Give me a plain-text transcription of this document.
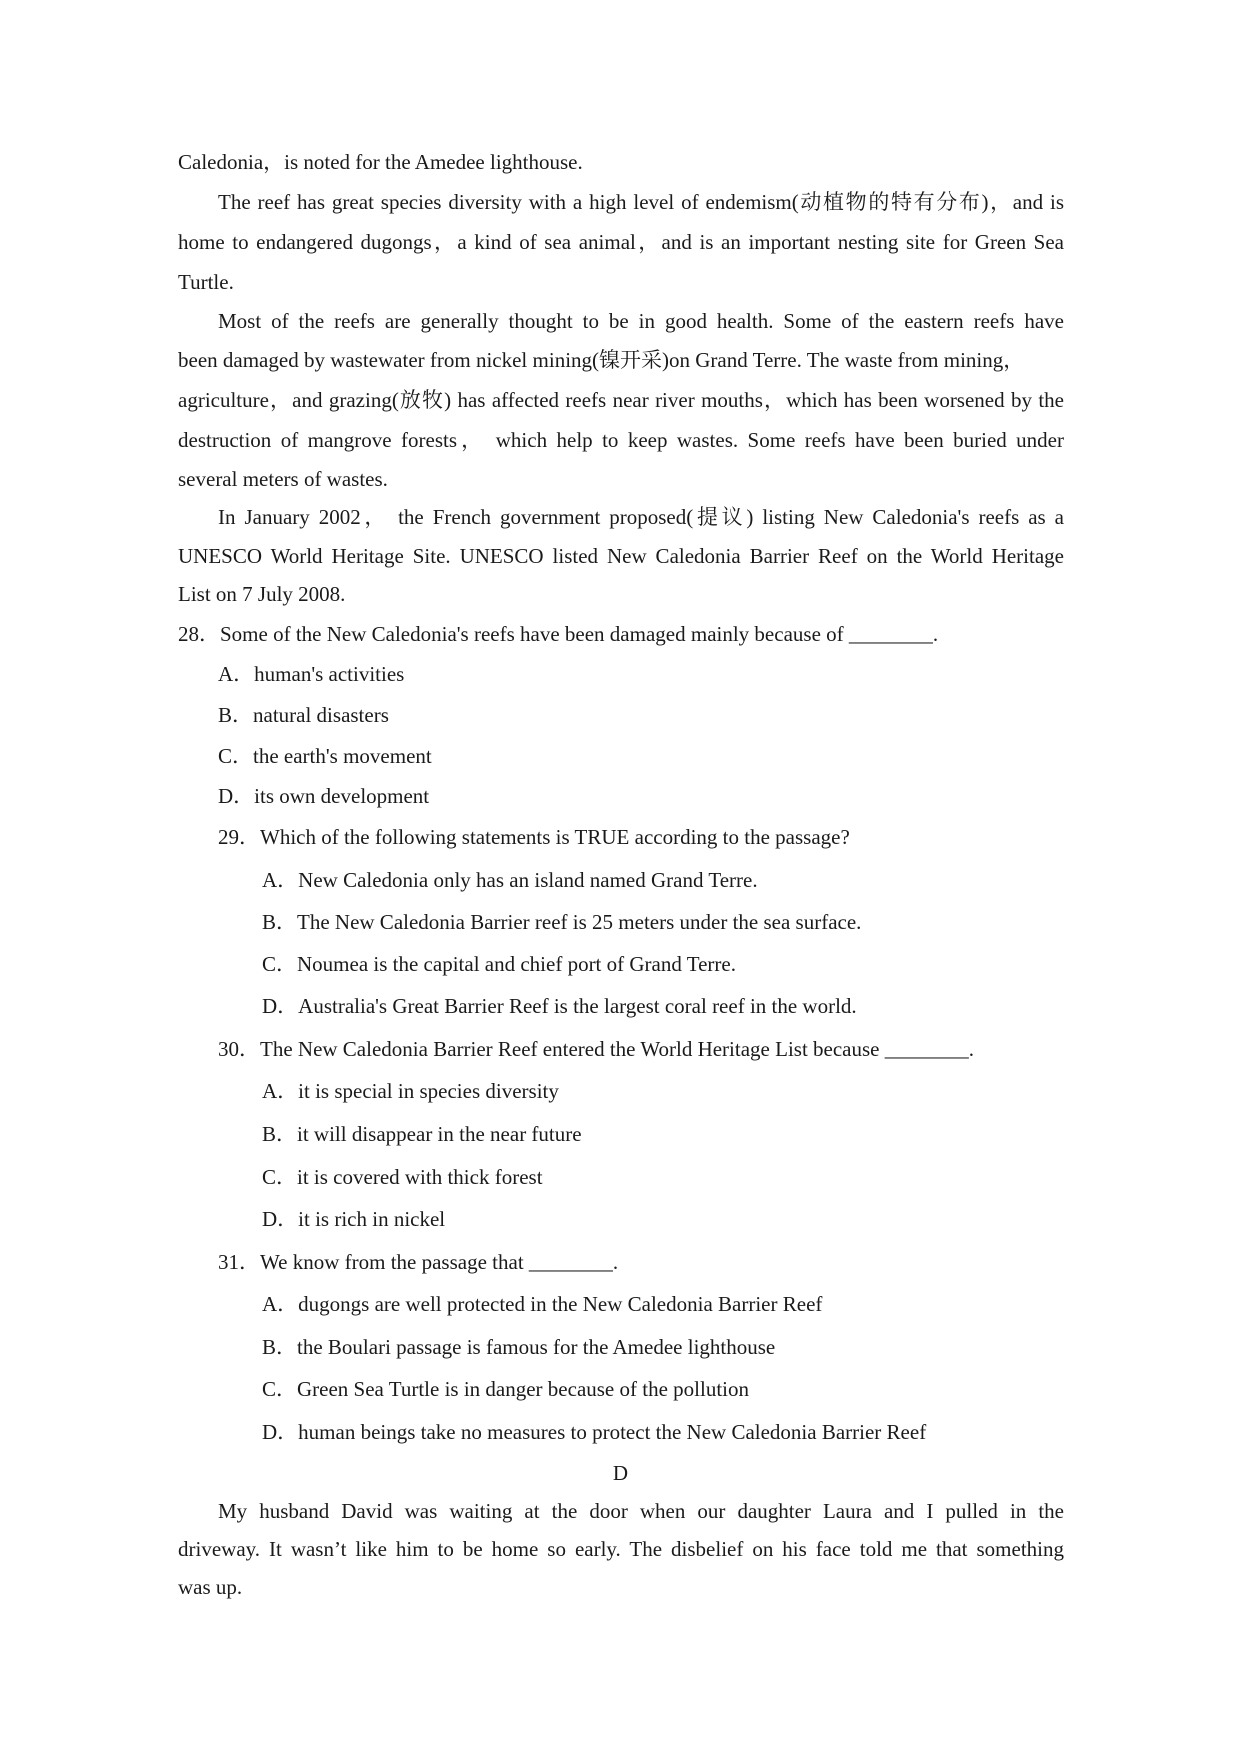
Caledonia，is noted for the Amedee lighthouse.

The reef has great species diversity with a high level of endemism(动植物的特有分布)，and is

home to endangered dugongs，a kind of sea animal，and is an important nesting site for Green Sea

Turtle.

Most of the reefs are generally thought to be in good health. Some of the eastern reefs have

been damaged by wastewater from nickel mining(镍开采)on Grand Terre. The waste from mining，

agriculture，and grazing(放牧) has affected reefs near river mouths，which has been worsened by the

destruction of mangrove forests， which help to keep wastes. Some reefs have been buried under

several meters of wastes.

In January 2002， the French government proposed(提议) listing New Caledonia's reefs as a

UNESCO World Heritage Site. UNESCO listed New Caledonia Barrier Reef on the World Heritage

List on 7 July 2008.

28．Some of the New Caledonia's reefs have been damaged mainly because of ________.

A．human's activities

B．natural disasters

C．the earth's movement

D．its own development

29．Which of the following statements is TRUE according to the passage?

A．New Caledonia only has an island named Grand Terre.

B．The New Caledonia Barrier reef is 25 meters under the sea surface.

C．Noumea is the capital and chief port of Grand Terre.

D．Australia's Great Barrier Reef is the largest coral reef in the world.

30．The New Caledonia Barrier Reef entered the World Heritage List because ________.

A．it is special in species diversity

B．it will disappear in the near future

C．it is covered with thick forest

D．it is rich in nickel

31．We know from the passage that ________.

A．dugongs are well protected in the New Caledonia Barrier Reef

B．the Boulari passage is famous for the Amedee lighthouse

C．Green Sea Turtle is in danger because of the pollution

D．human beings take no measures to protect the New Caledonia Barrier Reef

D

My husband David was waiting at the door when our daughter Laura and I pulled in the

driveway. It wasn’t like him to be home so early. The disbelief on his face told me that something

was up.
